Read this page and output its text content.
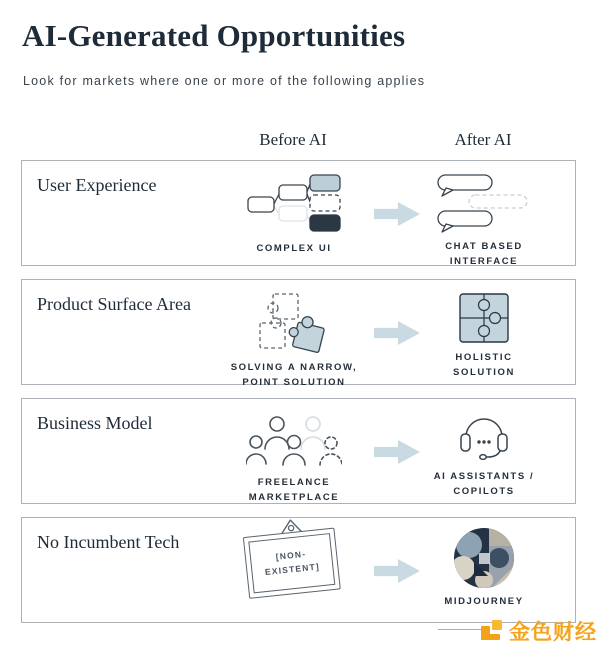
AI-Generated Opportunities
Look for markets where one or more of the following applies
Before AI	After AI
User Experience
COMPLEX UI	CHAT BASED
INTERFACE
Product Surface Area
SOLVING A NARROW,
POINT SOLUTION
HOLISTIC
SOLUTION
Business Model
FREELANCE
MARKETPLACE
AI ASSISTANTS /
COPILOTS
No Incumbent Tech
[NON-
EXISTENT]
MIDJOURNEY
金色财经
